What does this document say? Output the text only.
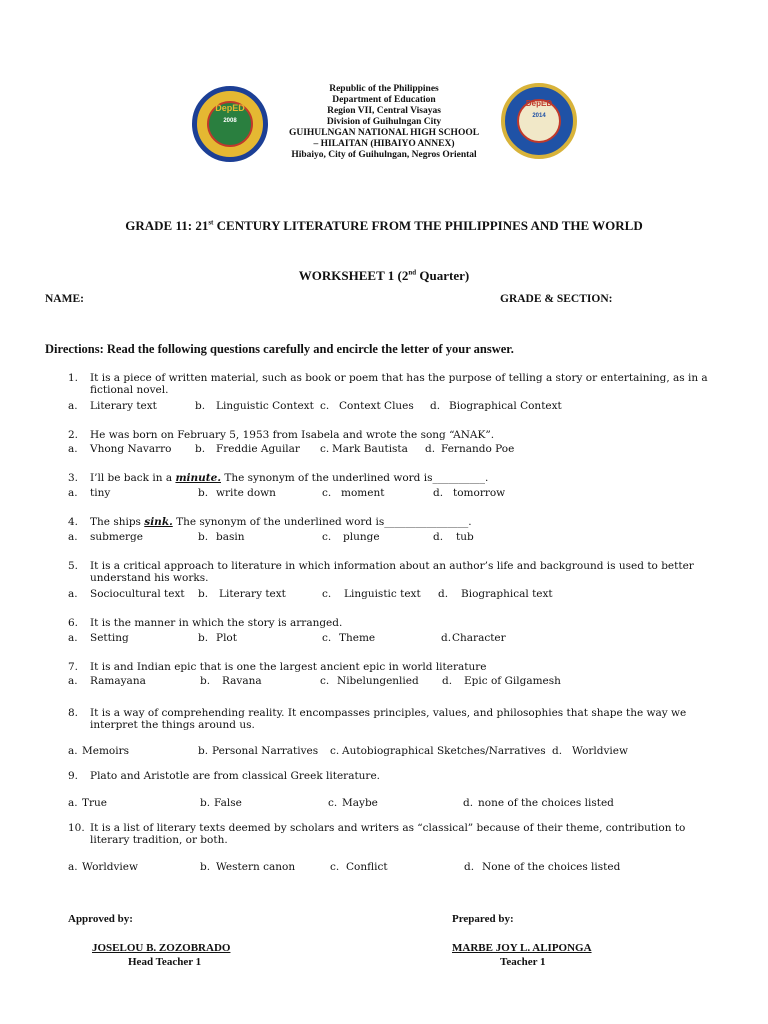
DepED
2008
DepED
2014
Republic of the Philippines
Department of Education
Region VII, Central Visayas
Division of Guihulngan City
GUIHULNGAN NATIONAL HIGH SCHOOL
– HILAITAN (HIBAIYO ANNEX)
Hibaiyo, City of Guihulngan, Negros Oriental
GRADE 11: 21st CENTURY LITERATURE FROM THE PHILIPPINES AND THE WORLD
WORKSHEET 1 (2nd Quarter)
NAME:	GRADE & SECTION:
Directions: Read the following questions carefully and encircle the letter of your answer.
1. It is a piece of written material, such as book or poem that has the purpose of telling a story or entertaining, as in a fictional novel.
a. Literary text	b. Linguistic Context c. Context Clues d. Biographical Context
2. He was born on February 5, 1953 from Isabela and wrote the song “ANAK”.
a. Vhong Navarro b. Freddie Aguilar c. Mark Bautista d. Fernando Poe
3. I’ll be back in a minute. The synonym of the underlined word is__________.
a. tiny	b. write down	c. moment	d. tomorrow
4. The ships sink. The synonym of the underlined word is________________.
a. submerge	b. basin	c. plunge	d. tub
5. It is a critical approach to literature in which information about an author’s life and background is used to better understand his works.
a. Sociocultural text b. Literary text	c. Linguistic text d. Biographical text
6. It is the manner in which the story is arranged.
a. Setting	b. Plot	c. Theme	d. Character
7. It is and Indian epic that is one the largest ancient epic in world literature
a. Ramayana	b. Ravana	c. Nibelungenlied d. Epic of Gilgamesh
8. It is a way of comprehending reality. It encompasses principles, values, and philosophies that shape the way we interpret the things around us.
a. Memoirs	b. Personal Narratives c. Autobiographical Sketches/Narratives d. Worldview
9. Plato and Aristotle are from classical Greek literature.
a. True	b. False	c. Maybe	d. none of the choices listed
10. It is a list of literary texts deemed by scholars and writers as “classical” because of their theme, contribution to literary tradition, or both.
a. Worldview	b. Western canon	c. Conflict	d. None of the choices listed
Approved by:	Prepared by:
JOSELOU B. ZOZOBRADO
Head Teacher 1
MARBE JOY L. ALIPONGA
Teacher 1
